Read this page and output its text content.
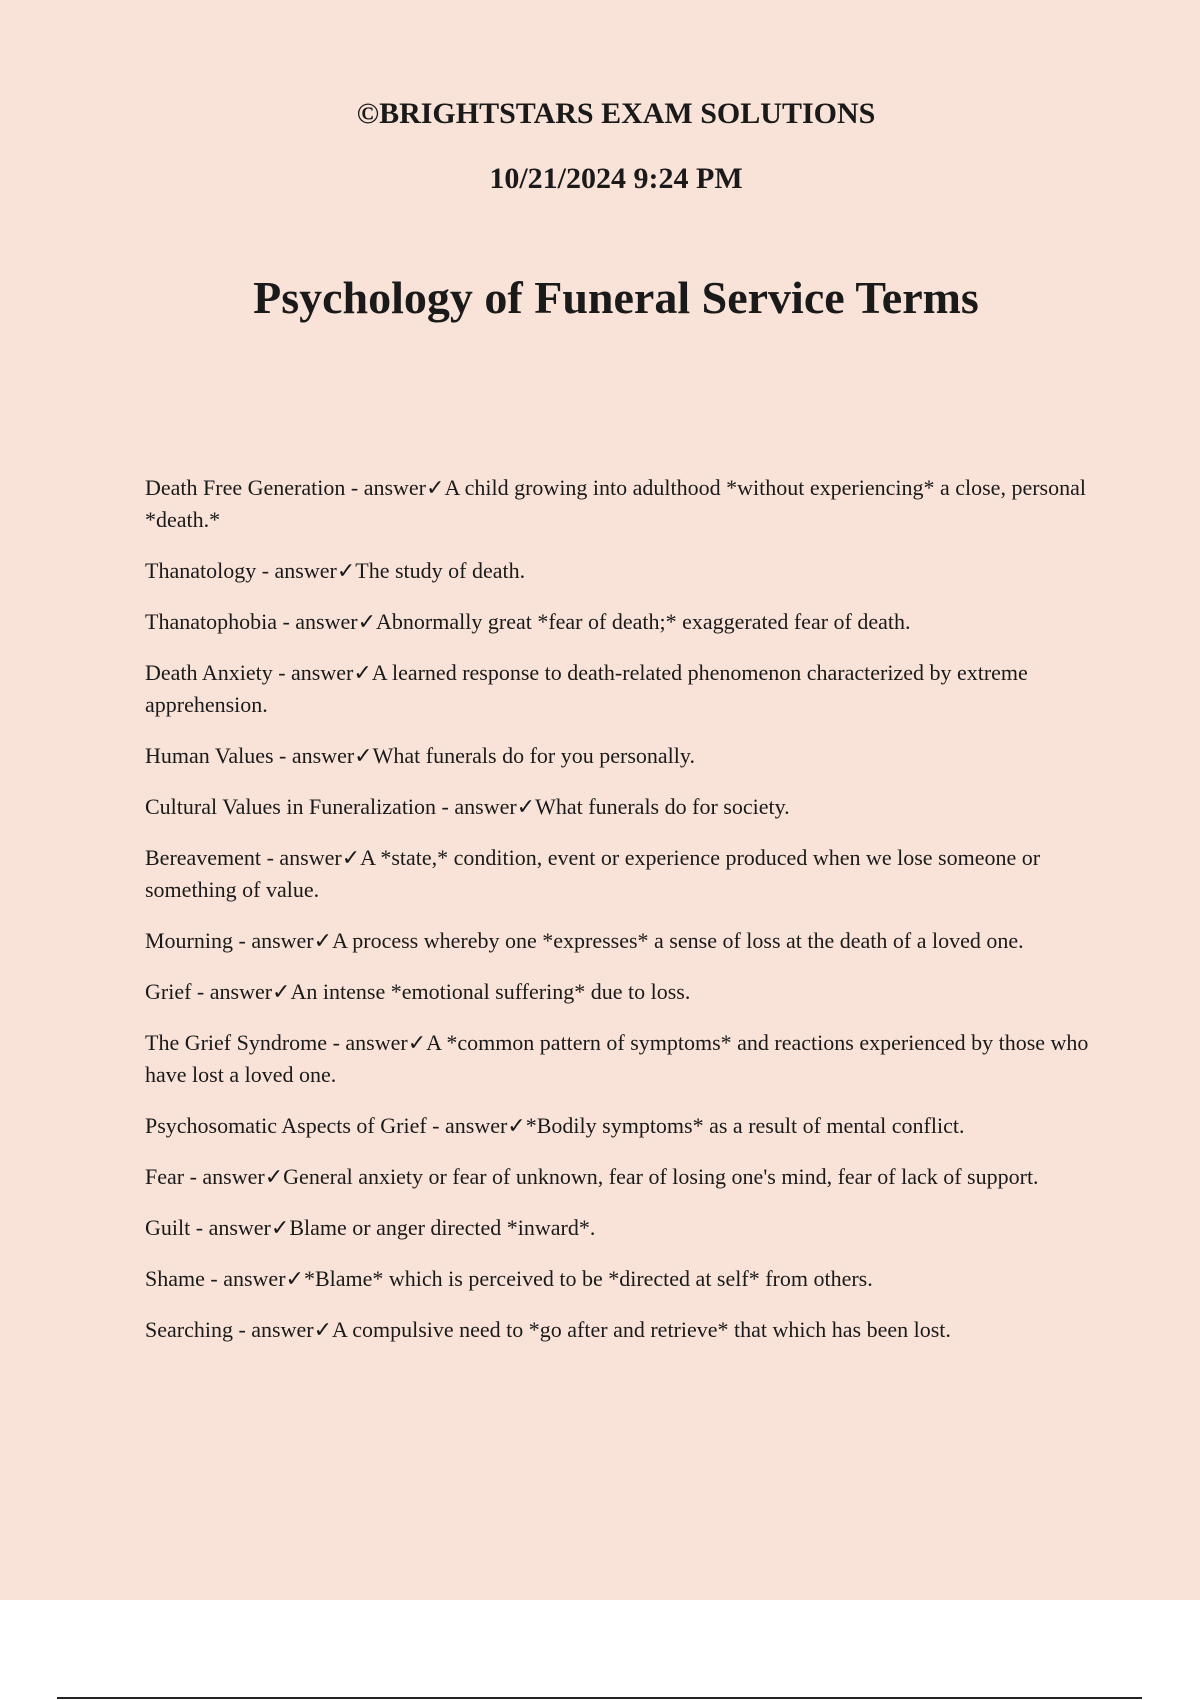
©BRIGHTSTARS EXAM SOLUTIONS
10/21/2024 9:24 PM
Psychology of Funeral Service Terms
Death Free Generation - answer✓A child growing into adulthood *without experiencing* a close, personal *death.*
Thanatology - answer✓The study of death.
Thanatophobia - answer✓Abnormally great *fear of death;* exaggerated fear of death.
Death Anxiety - answer✓A learned response to death-related phenomenon characterized by extreme apprehension.
Human Values - answer✓What funerals do for you personally.
Cultural Values in Funeralization - answer✓What funerals do for society.
Bereavement - answer✓A *state,* condition, event or experience produced when we lose someone or something of value.
Mourning - answer✓A process whereby one *expresses* a sense of loss at the death of a loved one.
Grief - answer✓An intense *emotional suffering* due to loss.
The Grief Syndrome - answer✓A *common pattern of symptoms* and reactions experienced by those who have lost a loved one.
Psychosomatic Aspects of Grief - answer✓*Bodily symptoms* as a result of mental conflict.
Fear - answer✓General anxiety or fear of unknown, fear of losing one's mind, fear of lack of support.
Guilt - answer✓Blame or anger directed *inward*.
Shame - answer✓*Blame* which is perceived to be *directed at self* from others.
Searching - answer✓A compulsive need to *go after and retrieve* that which has been lost.
